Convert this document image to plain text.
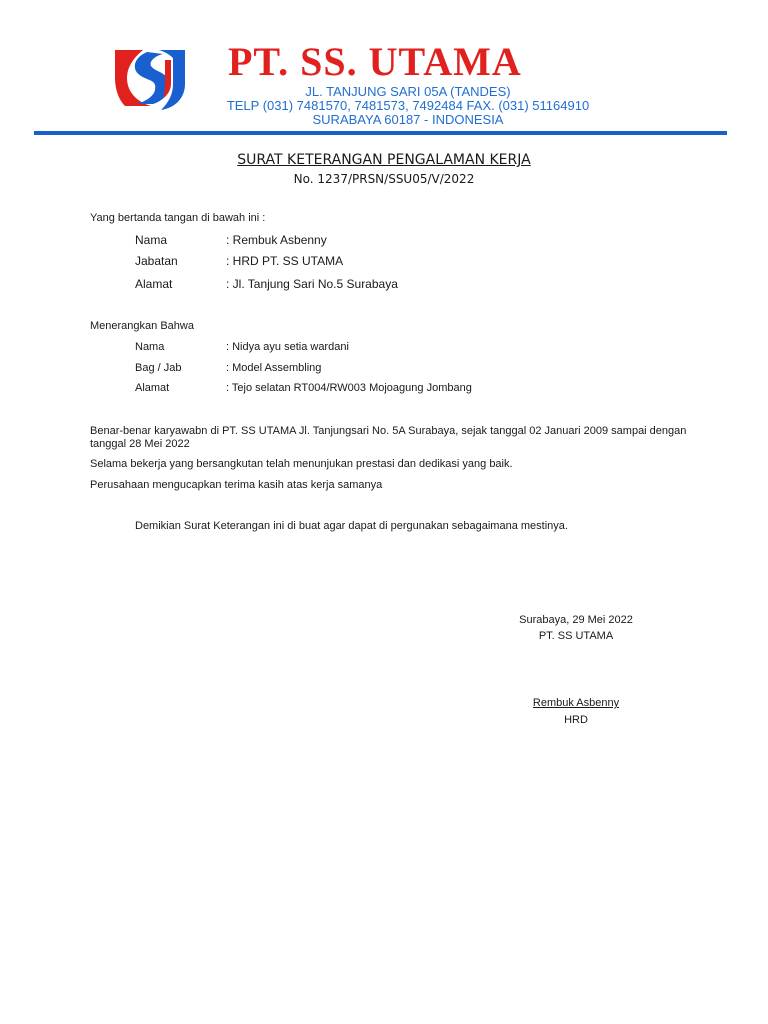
PT. SS. UTAMA
JL. TANJUNG SARI 05A (TANDES)
TELP (031) 7481570, 7481573, 7492484 FAX. (031) 51164910
SURABAYA 60187 - INDONESIA
SURAT KETERANGAN PENGALAMAN KERJA
No. 1237/PRSN/SSU05/V/2022
Yang bertanda tangan di bawah ini :
Nama	: Rembuk Asbenny
Jabatan	: HRD PT. SS UTAMA
Alamat	: Jl. Tanjung Sari No.5 Surabaya
Menerangkan Bahwa
Nama	: Nidya ayu setia wardani
Bag / Jab	: Model Assembling
Alamat	: Tejo selatan RT004/RW003 Mojoagung Jombang
Benar-benar karyawabn di PT. SS UTAMA Jl. Tanjungsari No. 5A Surabaya, sejak tanggal 02 Januari 2009 sampai dengan tanggal 28 Mei 2022
Selama bekerja yang bersangkutan telah menunjukan prestasi dan dedikasi yang baik.
Perusahaan mengucapkan terima kasih atas kerja samanya
Demikian Surat Keterangan ini di buat agar dapat di pergunakan sebagaimana mestinya.
Surabaya, 29 Mei 2022
PT. SS UTAMA
Rembuk Asbenny
HRD
